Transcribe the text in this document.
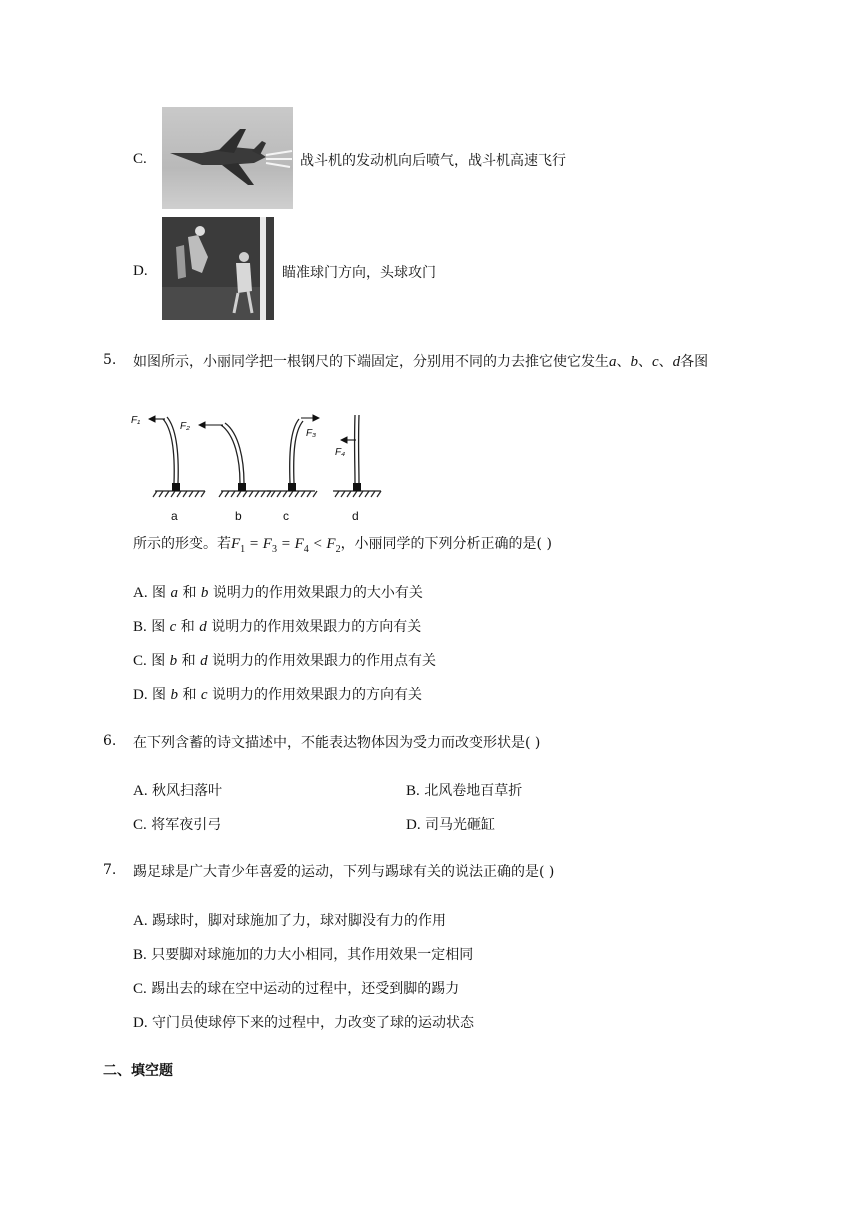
C.	战斗机的发动机向后喷气，战斗机高速飞行
D.	瞄准球门方向，头球攻门
5. 如图所示，小丽同学把一根钢尺的下端固定，分别用不同的力去推它使它发生a、b、c、d各图
F₁
F₂
F₃
F₄
a	b	c	d
所示的形变。若$F_1 = F_3 = F_4 < F_2$，小丽同学的下列分析正确的是( )
A. 图 a 和 b 说明力的作用效果跟力的大小有关
B. 图 c 和 d 说明力的作用效果跟力的方向有关
C. 图 b 和 d 说明力的作用效果跟力的作用点有关
D. 图 b 和 c 说明力的作用效果跟力的方向有关
6. 在下列含蓄的诗文描述中，不能表达物体因为受力而改变形状是( )
A. 秋风扫落叶	B. 北风卷地百草折
C. 将军夜引弓	D. 司马光砸缸
7. 踢足球是广大青少年喜爱的运动，下列与踢球有关的说法正确的是( )
A. 踢球时，脚对球施加了力，球对脚没有力的作用
B. 只要脚对球施加的力大小相同，其作用效果一定相同
C. 踢出去的球在空中运动的过程中，还受到脚的踢力
D. 守门员使球停下来的过程中，力改变了球的运动状态
二、填空题
